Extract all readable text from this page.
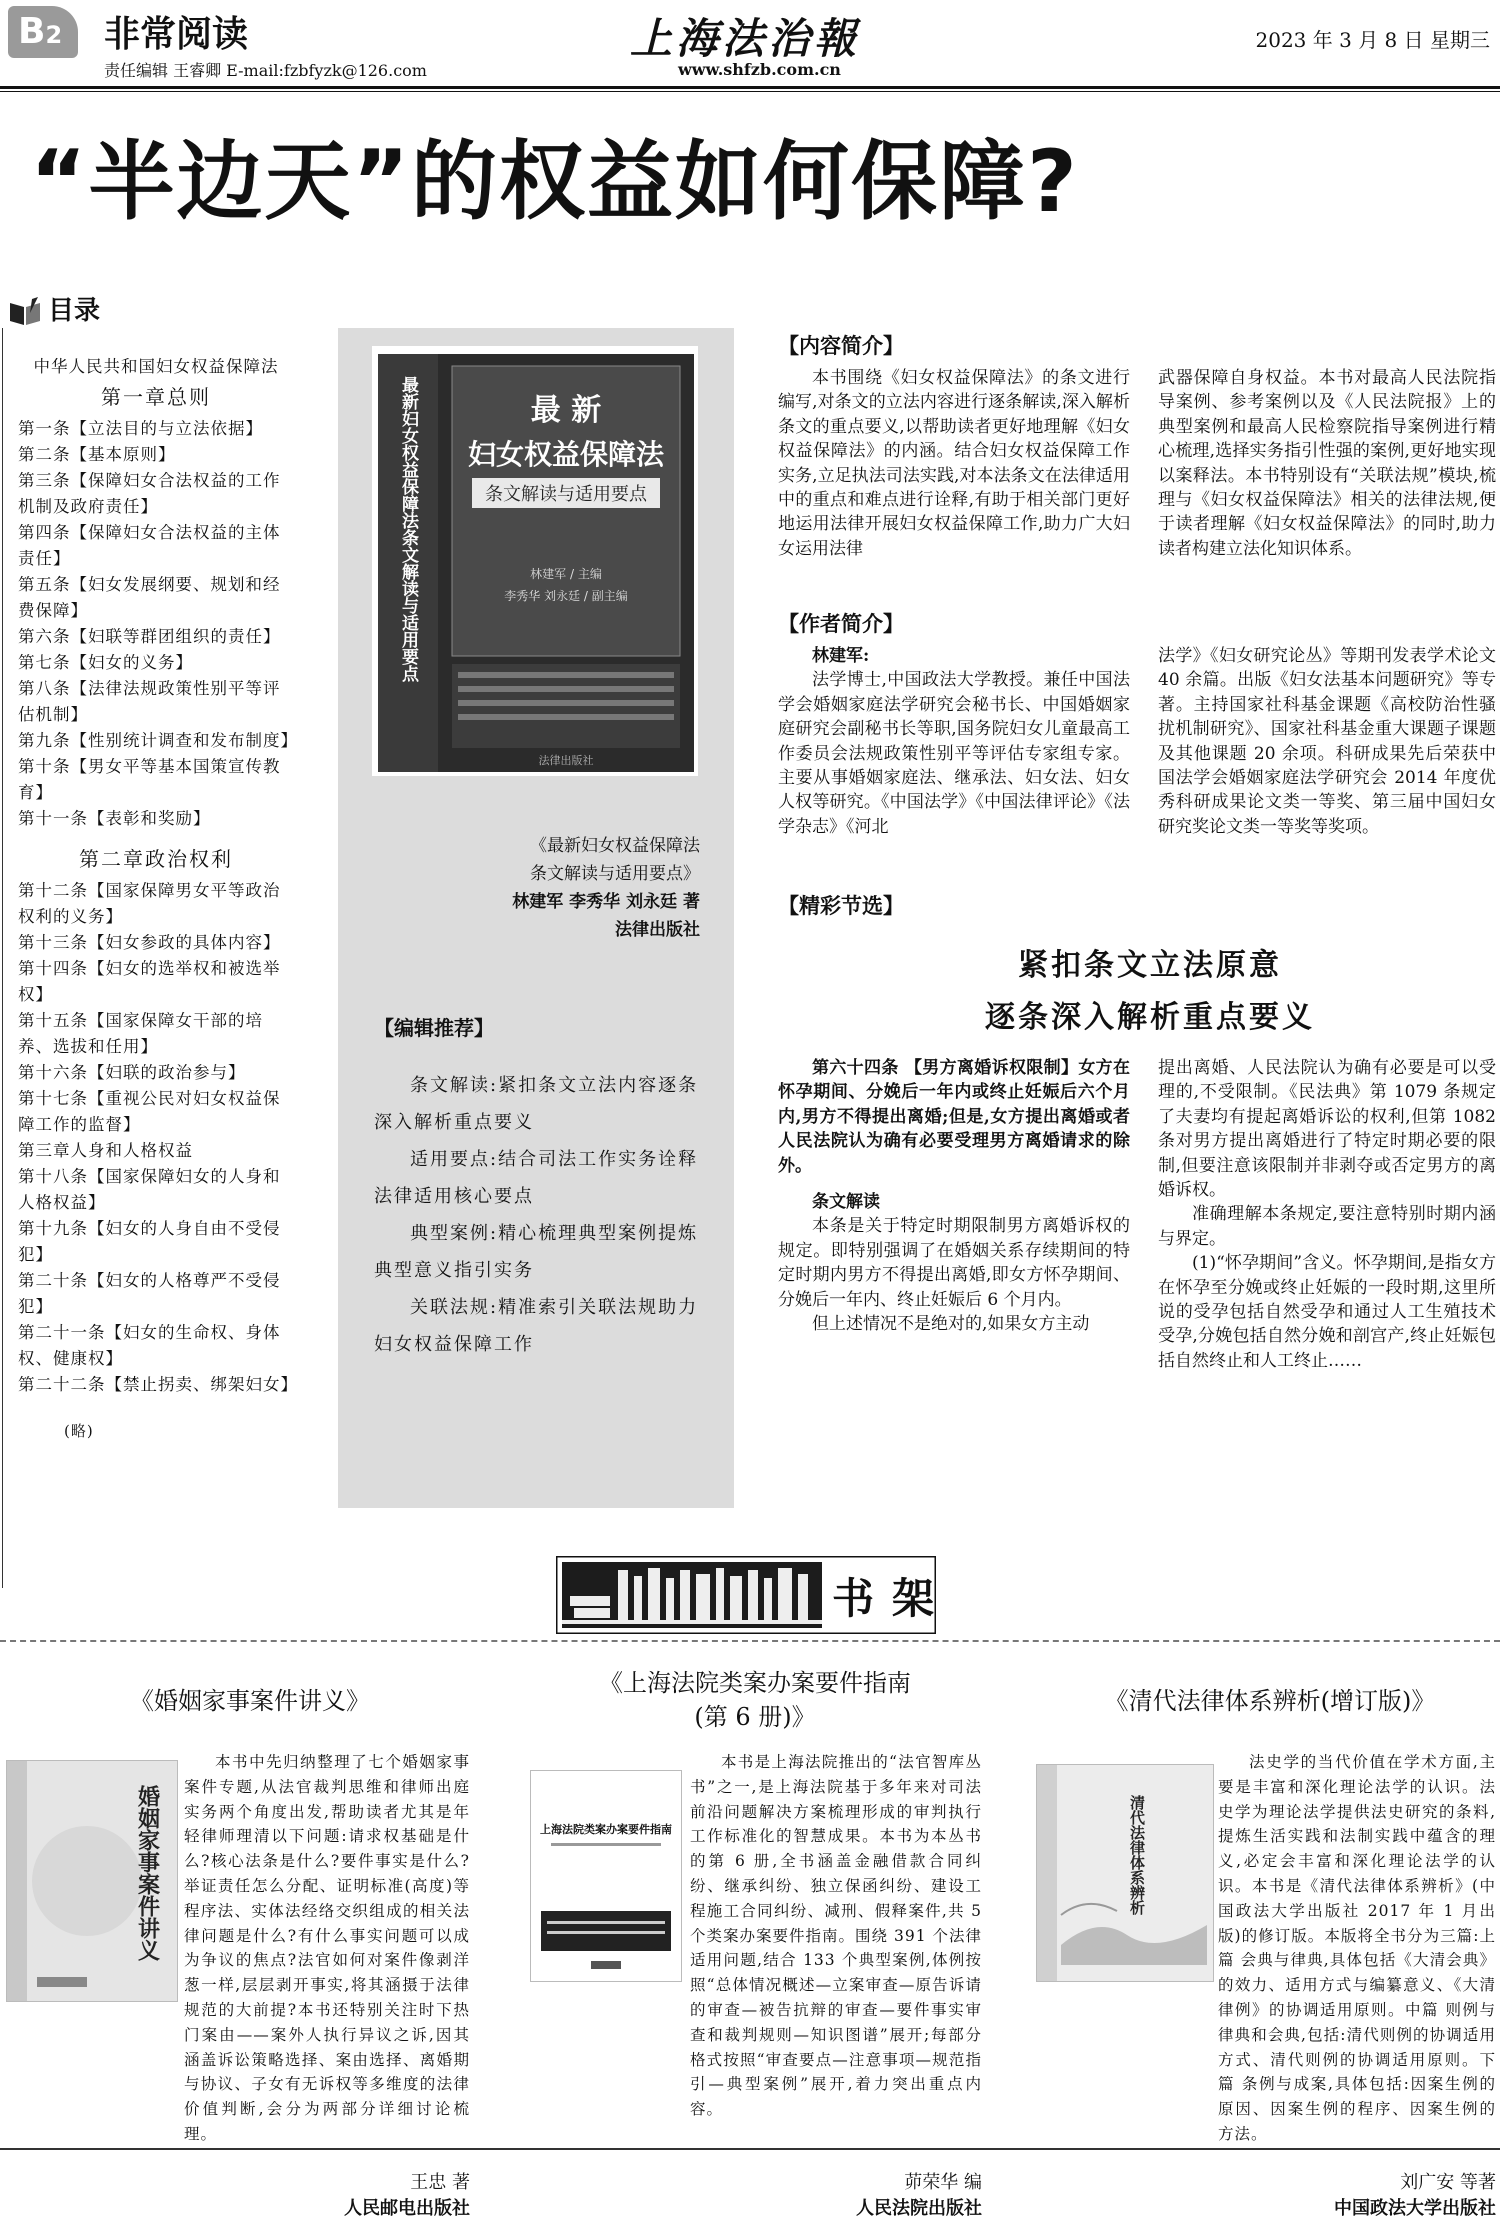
B2	非常阅读
责任编辑 王睿卿 E-mail:fzbfyzk@126.com
上海法治報
www.shfzb.com.cn
2023 年 3 月 8 日 星期三
“半边天”的权益如何保障?
目录
中华人民共和国妇女权益保障法
第一章总则
第一条【立法目的与立法依据】
第二条【基本原则】
第三条【保障妇女合法权益的工作机制及政府责任】
第四条【保障妇女合法权益的主体责任】
第五条【妇女发展纲要、规划和经费保障】
第六条【妇联等群团组织的责任】
第七条【妇女的义务】
第八条【法律法规政策性别平等评估机制】
第九条【性别统计调查和发布制度】
第十条【男女平等基本国策宣传教育】
第十一条【表彰和奖励】
第二章政治权利
第十二条【国家保障男女平等政治权利的义务】
第十三条【妇女参政的具体内容】
第十四条【妇女的选举权和被选举权】
第十五条【国家保障女干部的培养、选拔和任用】
第十六条【妇联的政治参与】
第十七条【重视公民对妇女权益保障工作的监督】
第三章人身和人格权益
第十八条【国家保障妇女的人身和人格权益】
第十九条【妇女的人身自由不受侵犯】
第二十条【妇女的人格尊严不受侵犯】
第二十一条【妇女的生命权、身体权、健康权】
第二十二条【禁止拐卖、绑架妇女】
(略)
最 新
妇女权益保障法
条文解读与适用要点
林建军 / 主编
李秀华 刘永廷 / 副主编
法律出版社
最新妇女权益保障法条文解读与适用要点
《最新妇女权益保障法
条文解读与适用要点》
林建军 李秀华 刘永廷 著
法律出版社
【编辑推荐】

条文解读:紧扣条文立法内容逐条深入解析重点要义

适用要点:结合司法工作实务诠释法律适用核心要点

典型案例:精心梳理典型案例提炼典型意义指引实务

关联法规:精准索引关联法规助力妇女权益保障工作

【内容简介】

本书围绕《妇女权益保障法》的条文进行编写,对条文的立法内容进行逐条解读,深入解析条文的重点要义,以帮助读者更好地理解《妇女权益保障法》的内涵。结合妇女权益保障工作实务,立足执法司法实践,对本法条文在法律适用中的重点和难点进行诠释,有助于相关部门更好地运用法律开展妇女权益保障工作,助力广大妇女运用法律

武器保障自身权益。本书对最高人民法院指导案例、参考案例以及《人民法院报》上的典型案例和最高人民检察院指导案例进行精心梳理,选择实务指引性强的案例,更好地实现以案释法。本书特别设有“关联法规”模块,梳理与《妇女权益保障法》相关的法律法规,便于读者理解《妇女权益保障法》的同时,助力读者构建立法化知识体系。

【作者简介】

林建军:

法学博士,中国政法大学教授。兼任中国法学会婚姻家庭法学研究会秘书长、中国婚姻家庭研究会副秘书长等职,国务院妇女儿童最高工作委员会法规政策性别平等评估专家组专家。主要从事婚姻家庭法、继承法、妇女法、妇女人权等研究。《中国法学》《中国法律评论》《法学杂志》《河北

法学》《妇女研究论丛》等期刊发表学术论文 40 余篇。出版《妇女法基本问题研究》等专著。主持国家社科基金课题《高校防治性骚扰机制研究》、国家社科基金重大课题子课题及其他课题 20 余项。科研成果先后荣获中国法学会婚姻家庭法学研究会 2014 年度优秀科研成果论文类一等奖、第三届中国妇女研究奖论文类一等奖等奖项。

【精彩节选】
紧扣条文立法原意
逐条深入解析重点要义

第六十四条 【男方离婚诉权限制】女方在怀孕期间、分娩后一年内或终止妊娠后六个月内,男方不得提出离婚;但是,女方提出离婚或者人民法院认为确有必要受理男方离婚请求的除外。

条文解读

本条是关于特定时期限制男方离婚诉权的规定。即特别强调了在婚姻关系存续期间的特定时期内男方不得提出离婚,即女方怀孕期间、分娩后一年内、终止妊娠后 6 个月内。

但上述情况不是绝对的,如果女方主动

提出离婚、人民法院认为确有必要是可以受理的,不受限制。《民法典》第 1079 条规定了夫妻均有提起离婚诉讼的权利,但第 1082 条对男方提出离婚进行了特定时期必要的限制,但要注意该限制并非剥夺或否定男方的离婚诉权。

准确理解本条规定,要注意特别时期内涵与界定。

(1)“怀孕期间”含义。怀孕期间,是指女方在怀孕至分娩或终止妊娠的一段时期,这里所说的受孕包括自然受孕和通过人工生殖技术受孕,分娩包括自然分娩和剖宫产,终止妊娠包括自然终止和人工终止……

书架
《婚姻家事案件讲义》
婚姻家事案件讲义

本书中先归纳整理了七个婚姻家事案件专题,从法官裁判思维和律师出庭实务两个角度出发,帮助读者尤其是年轻律师理清以下问题:请求权基础是什么?核心法条是什么?要件事实是什么?举证责任怎么分配、证明标准(高度)等程序法、实体法经络交织组成的相关法律问题是什么?有什么事实问题可以成为争议的焦点?法官如何对案件像剥洋葱一样,层层剥开事实,将其涵摄于法律规范的大前提?本书还特别关注时下热门案由——案外人执行异议之诉,因其涵盖诉讼策略选择、案由选择、离婚期与协议、子女有无诉权等多维度的法律价值判断,会分为两部分详细讨论梳理。

王忠 著
人民邮电出版社
《上海法院类案办案要件指南
(第 6 册)》
上海法院类案办案要件指南

本书是上海法院推出的“法官智库丛书”之一,是上海法院基于多年来对司法前沿问题解决方案梳理形成的审判执行工作标准化的智慧成果。本书为本丛书的第 6 册,全书涵盖金融借款合同纠纷、继承纠纷、独立保函纠纷、建设工程施工合同纠纷、减刑、假释案件,共 5 个类案办案要件指南。围绕 391 个法律适用问题,结合 133 个典型案例,体例按照“总体情况概述—立案审查—原告诉请的审查—被告抗辩的审查—要件事实审查和裁判规则—知识图谱”展开;每部分格式按照“审查要点—注意事项—规范指引—典型案例”展开,着力突出重点内容。

茆荣华 编
人民法院出版社
《清代法律体系辨析(增订版)》
清代法律体系辨析

法史学的当代价值在学术方面,主要是丰富和深化理论法学的认识。法史学为理论法学提供法史研究的条料,提炼生活实践和法制实践中蕴含的理义,必定会丰富和深化理论法学的认识。本书是《清代法律体系辨析》(中国政法大学出版社 2017 年 1 月出版)的修订版。本版将全书分为三篇:上篇 会典与律典,具体包括《大清会典》的效力、适用方式与编纂意义、《大清律例》的协调适用原则。中篇 则例与律典和会典,包括:清代则例的协调适用方式、清代则例的协调适用原则。下篇 条例与成案,具体包括:因案生例的原因、因案生例的程序、因案生例的方法。

刘广安 等著
中国政法大学出版社
